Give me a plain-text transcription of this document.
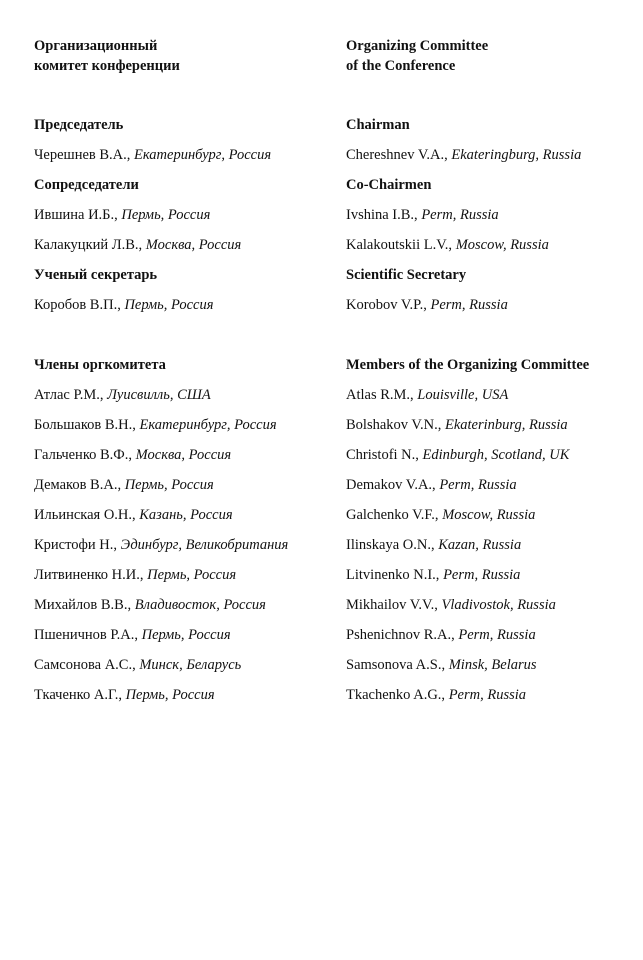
Организационный
комитет конференции

Председатель
Черешнев В.А., Екатеринбург, Россия
Сопредседатели
Ившина И.Б., Пермь, Россия
Калакуцкий Л.В., Москва, Россия
Ученый секретарь
Коробов В.П., Пермь, Россия
Члены оргкомитета
Атлас Р.М., Луисвилль, США
Большаков В.Н., Екатеринбург, Россия
Гальченко В.Ф., Москва, Россия
Демаков В.А., Пермь, Россия
Ильинская О.Н., Казань, Россия
Кристофи Н., Эдинбург, Великобритания
Литвиненко Н.И., Пермь, Россия
Михайлов В.В., Владивосток, Россия
Пшеничнов Р.А., Пермь, Россия
Самсонова А.С., Минск, Беларусь
Ткаченко А.Г., Пермь, Россия

Organizing Committee
of the Conference

Chairman
Chereshnev V.A., Ekateringburg, Russia
Co-Chairmen
Ivshina I.B., Perm, Russia
Kalakoutskii L.V., Moscow, Russia
Scientific Secretary
Korobov V.P., Perm, Russia
Members of the Organizing Committee
Atlas R.M., Louisville, USA
Bolshakov V.N., Ekaterinburg, Russia
Christofi N., Edinburgh, Scotland, UK
Demakov V.A., Perm, Russia
Galchenko V.F., Moscow, Russia
Ilinskaya O.N., Kazan, Russia
Litvinenko N.I., Perm, Russia
Mikhailov V.V., Vladivostok, Russia
Pshenichnov R.A., Perm, Russia
Samsonova A.S., Minsk, Belarus
Tkachenko A.G., Perm, Russia
